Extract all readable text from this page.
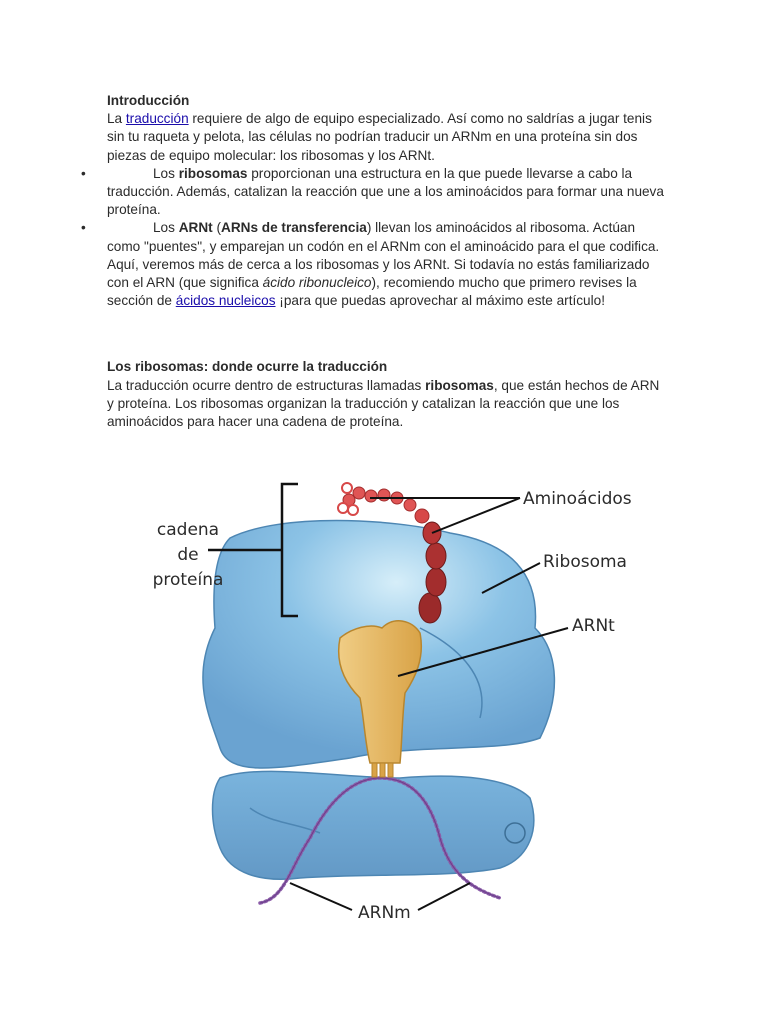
Introducción

La traducción requiere de algo de equipo especializado. Así como no saldrías a jugar tenis sin tu raqueta y pelota, las células no podrían traducir un ARNm en una proteína sin dos piezas de equipo molecular: los ribosomas y los ARNt.

•	Los ribosomas proporcionan una estructura en la que puede llevarse a cabo la traducción. Además, catalizan la reacción que une a los aminoácidos para formar una nueva proteína.
•	Los ARNt (ARNs de transferencia) llevan los aminoácidos al ribosoma. Actúan como "puentes", y emparejan un codón en el ARNm con el aminoácido para el que codifica.

Aquí, veremos más de cerca a los ribosomas y los ARNt. Si todavía no estás familiarizado con el ARN (que significa ácido ribonucleico), recomiendo mucho que primero revises la sección de ácidos nucleicos ¡para que puedas aprovechar al máximo este artículo!

Los ribosomas: donde ocurre la traducción

La traducción ocurre dentro de estructuras llamadas ribosomas, que están hechos de ARN y proteína. Los ribosomas organizan la traducción y catalizan la reacción que une los aminoácidos para hacer una cadena de proteína.

cadena
de
proteína
Aminoácidos
Ribosoma
ARNt
ARNm
